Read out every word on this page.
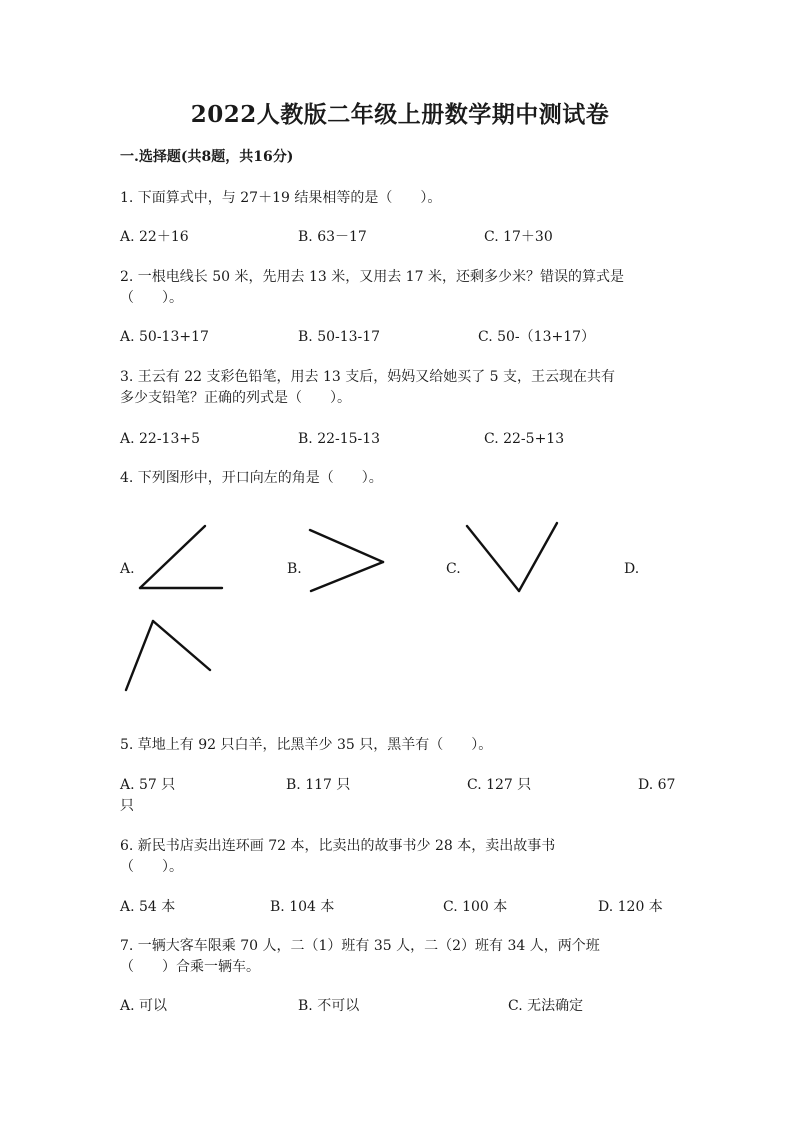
2022人教版二年级上册数学期中测试卷
一.选择题(共8题，共16分)
1. 下面算式中，与 27＋19 结果相等的是（　　）。
A. 22＋16	B. 63－17	C. 17＋30
2. 一根电线长 50 米，先用去 13 米，又用去 17 米，还剩多少米？错误的算式是
（　　）。
A. 50-13+17	B. 50-13-17	C. 50-（13+17）
3. 王云有 22 支彩色铅笔，用去 13 支后，妈妈又给她买了 5 支，王云现在共有
多少支铅笔？正确的列式是（　　）。
A. 22-13+5	B. 22-15-13	C. 22-5+13
4. 下列图形中，开口向左的角是（　　）。
A.	B.	C.	D.
5. 草地上有 92 只白羊，比黑羊少 35 只，黑羊有（　　）。
A. 57 只	B. 117 只	C. 127 只	D. 67
只
6. 新民书店卖出连环画 72 本，比卖出的故事书少 28 本，卖出故事书
（　　）。
A. 54 本	B. 104 本	C. 100 本	D. 120 本
7. 一辆大客车限乘 70 人，二（1）班有 35 人，二（2）班有 34 人，两个班
（　　）合乘一辆车。
A. 可以	B. 不可以	C. 无法确定
